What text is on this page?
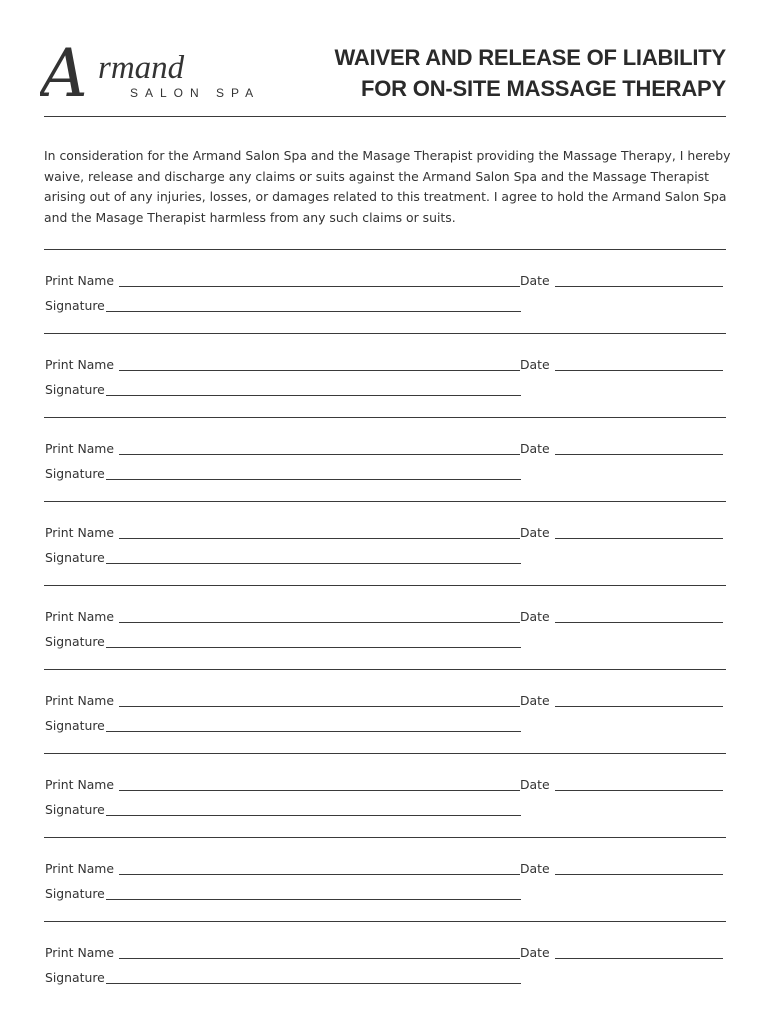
A rmand
SALON SPA
WAIVER AND RELEASE OF LIABILITY
FOR ON-SITE MASSAGE THERAPY
In consideration for the Armand Salon Spa and the Masage Therapist providing the Massage Therapy, I hereby waive, release and discharge any claims or suits against the Armand Salon Spa and the Massage Therapist arising out of any injuries, losses, or damages related to this treatment. I agree to hold the Armand Salon Spa and the Masage Therapist harmless from any such claims or suits.
Print Name	Date
Signature
Print Name	Date
Signature
Print Name	Date
Signature
Print Name	Date
Signature
Print Name	Date
Signature
Print Name	Date
Signature
Print Name	Date
Signature
Print Name	Date
Signature
Print Name	Date
Signature
